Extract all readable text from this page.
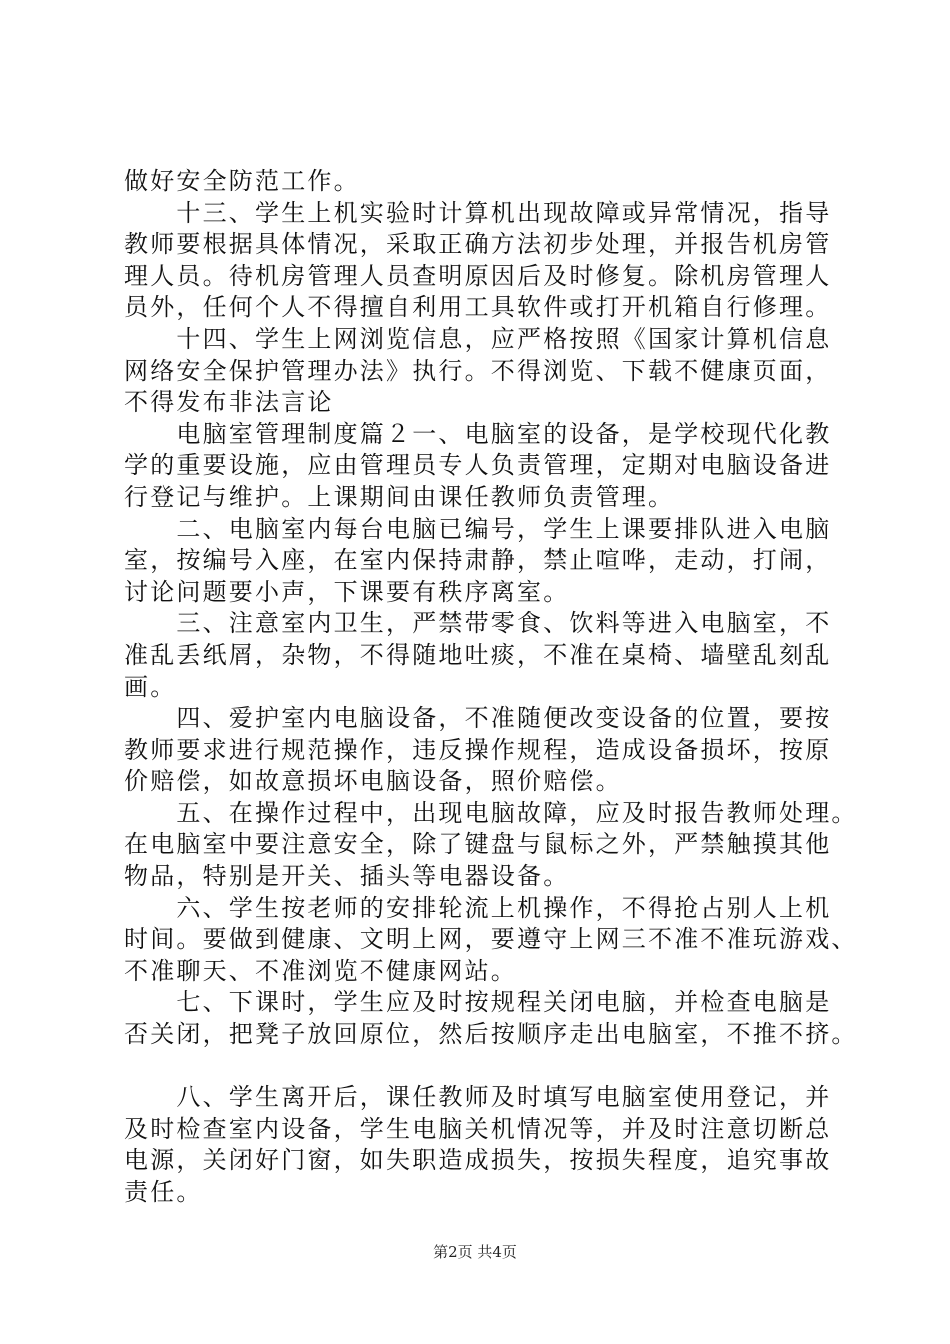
做好安全防范工作。
　　十三、学生上机实验时计算机出现故障或异常情况，指导
教师要根据具体情况，采取正确方法初步处理，并报告机房管
理人员。待机房管理人员查明原因后及时修复。除机房管理人
员外，任何个人不得擅自利用工具软件或打开机箱自行修理。
　　十四、学生上网浏览信息，应严格按照《国家计算机信息
网络安全保护管理办法》执行。不得浏览、下载不健康页面，
不得发布非法言论
　　电脑室管理制度篇２一、电脑室的设备，是学校现代化教
学的重要设施，应由管理员专人负责管理，定期对电脑设备进
行登记与维护。上课期间由课任教师负责管理。
　　二、电脑室内每台电脑已编号，学生上课要排队进入电脑
室，按编号入座，在室内保持肃静，禁止喧哗，走动，打闹，
讨论问题要小声，下课要有秩序离室。
　　三、注意室内卫生，严禁带零食、饮料等进入电脑室，不
准乱丢纸屑，杂物，不得随地吐痰，不准在桌椅、墙壁乱刻乱
画。
　　四、爱护室内电脑设备，不准随便改变设备的位置，要按
教师要求进行规范操作，违反操作规程，造成设备损坏，按原
价赔偿，如故意损坏电脑设备，照价赔偿。
　　五、在操作过程中，出现电脑故障，应及时报告教师处理。
在电脑室中要注意安全，除了键盘与鼠标之外，严禁触摸其他
物品，特别是开关、插头等电器设备。
　　六、学生按老师的安排轮流上机操作，不得抢占别人上机
时间。要做到健康、文明上网，要遵守上网三不准不准玩游戏、
不准聊天、不准浏览不健康网站。
　　七、下课时，学生应及时按规程关闭电脑，并检查电脑是
否关闭，把凳子放回原位，然后按顺序走出电脑室，不推不挤。
　　八、学生离开后，课任教师及时填写电脑室使用登记，并
及时检查室内设备，学生电脑关机情况等，并及时注意切断总
电源，关闭好门窗，如失职造成损失，按损失程度，追究事故
责任。
第2页 共4页
